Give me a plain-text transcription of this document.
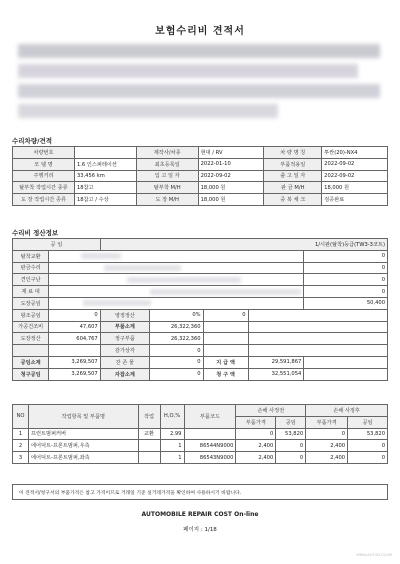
보험수리비 견적서
수리차량/견적
차량번호		제작사/차종	현대 / RV	차 량 명 칭	투싼(20)-NX4
모 델 명	1.6 인스퍼레이션	최초등록일	2022-01-10	부품적용일	2022-09-02
주행거리	33,456 km	입 고 일 자	2022-09-02	출 고 일 자	2022-09-02
탈부착 작업시간 종류	18참고	탈부착 M/H	18,000 원	판 금 M/H	18,000 원
도 장 작업시간 종류	18참고 / 수상	도 장 M/H	18,000 원	중 복 체 크	검증완료
수리비 정산정보
공 임		1/시판(탈착)등급(TW3-3코트)				
탈착교환						0
판금수리						0
견인구난						0
재 료 대						0
도장공임						50,400
왕조공임	0	영정정산	0%	0		
가공건조비	47,607	부품소계	26,322,360			
도장정산	604,767	정구부품	26,322,360			
		감가상각	0			
공임소계	3,269,507	잔 존 물	0	지 급 액	29,591,867	
청구공임	3,269,507	자잡소계	0	청 구 액	32,551,054	
NO	작업항목 및 부품명	작업	H,O,%	부품코드	손해 사정전		손해 사정후	
					부품가격	공임	부품가격	공임
1	프런트범퍼커버	교환	2.99		0	53,820	0	53,820
2	에어덕트-프론트범퍼,우측		1	86544N9000	2,400	0	2,400	0
3	에어덕트-프론트범퍼,좌측		1	86543N9000	2,400	0	2,400	0
이 견적서/청구서의 부품가격은 참고 가격이므로 거래일 기준 실거래가격을 확인하여 사용하시기 바랍니다.
AUTOMOBILE REPAIR COST On-line
페이지 : 1/18
WWW.AUTOD.CO.KR
